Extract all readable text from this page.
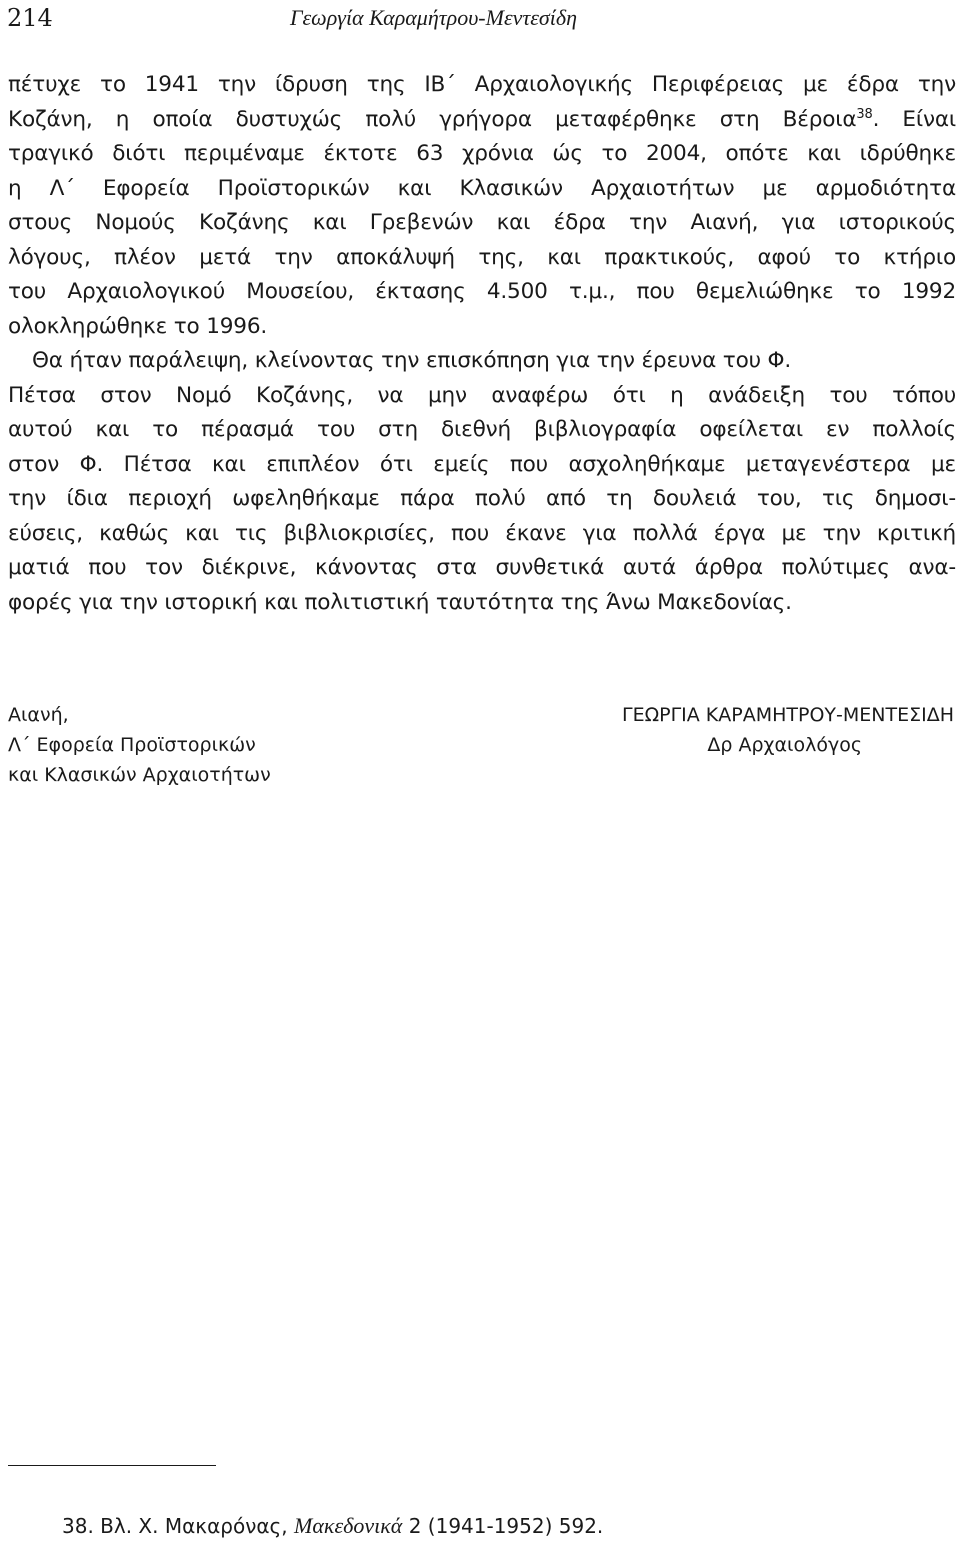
214	Γεωργία Καραμήτρου-Μεντεσίδη
πέτυχε το 1941 την ίδρυση της ΙΒ΄ Αρχαιολογικής Περιφέρειας με έδρα την
Κοζάνη, η οποία δυστυχώς πολύ γρήγορα μεταφέρθηκε στη Βέροια$^{38}$. Είναι
τραγικό διότι περιμέναμε έκτοτε 63 χρόνια ώς το 2004, οπότε και ιδρύθηκε
η Λ΄ Εφορεία Προϊστορικών και Κλασικών Αρχαιοτήτων με αρμοδιότητα
στους Νομούς Κοζάνης και Γρεβενών και έδρα την Αιανή, για ιστορικούς
λόγους, πλέον μετά την αποκάλυψή της, και πρακτικούς, αφού το κτήριο
του Αρχαιολογικού Μουσείου, έκτασης 4.500 τ.μ., που θεμελιώθηκε το 1992
ολοκληρώθηκε το 1996.
Θα ήταν παράλειψη, κλείνοντας την επισκόπηση για την έρευνα του Φ.
Πέτσα στον Νομό Κοζάνης, να μην αναφέρω ότι η ανάδειξη του τόπου
αυτού και το πέρασμά του στη διεθνή βιβλιογραφία οφείλεται εν πολλοίς
στον Φ. Πέτσα και επιπλέον ότι εμείς που ασχοληθήκαμε μεταγενέστερα με
την ίδια περιοχή ωφεληθήκαμε πάρα πολύ από τη δουλειά του, τις δημοσι-
εύσεις, καθώς και τις βιβλιοκρισίες, που έκανε για πολλά έργα με την κριτική
ματιά που τον διέκρινε, κάνοντας στα συνθετικά αυτά άρθρα πολύτιμες ανα-
φορές για την ιστορική και πολιτιστική ταυτότητα της Άνω Μακεδονίας.
Αιανή,
Λ΄ Εφορεία Προϊστορικών
και Κλασικών Αρχαιοτήτων
ΓΕΩΡΓΙΑ ΚΑΡΑΜΗΤΡΟΥ-ΜΕΝΤΕΣΙΔΗ
Δρ Αρχαιολόγος
38. Βλ. Χ. Μακαρόνας, Μακεδονικά 2 (1941-1952) 592.
